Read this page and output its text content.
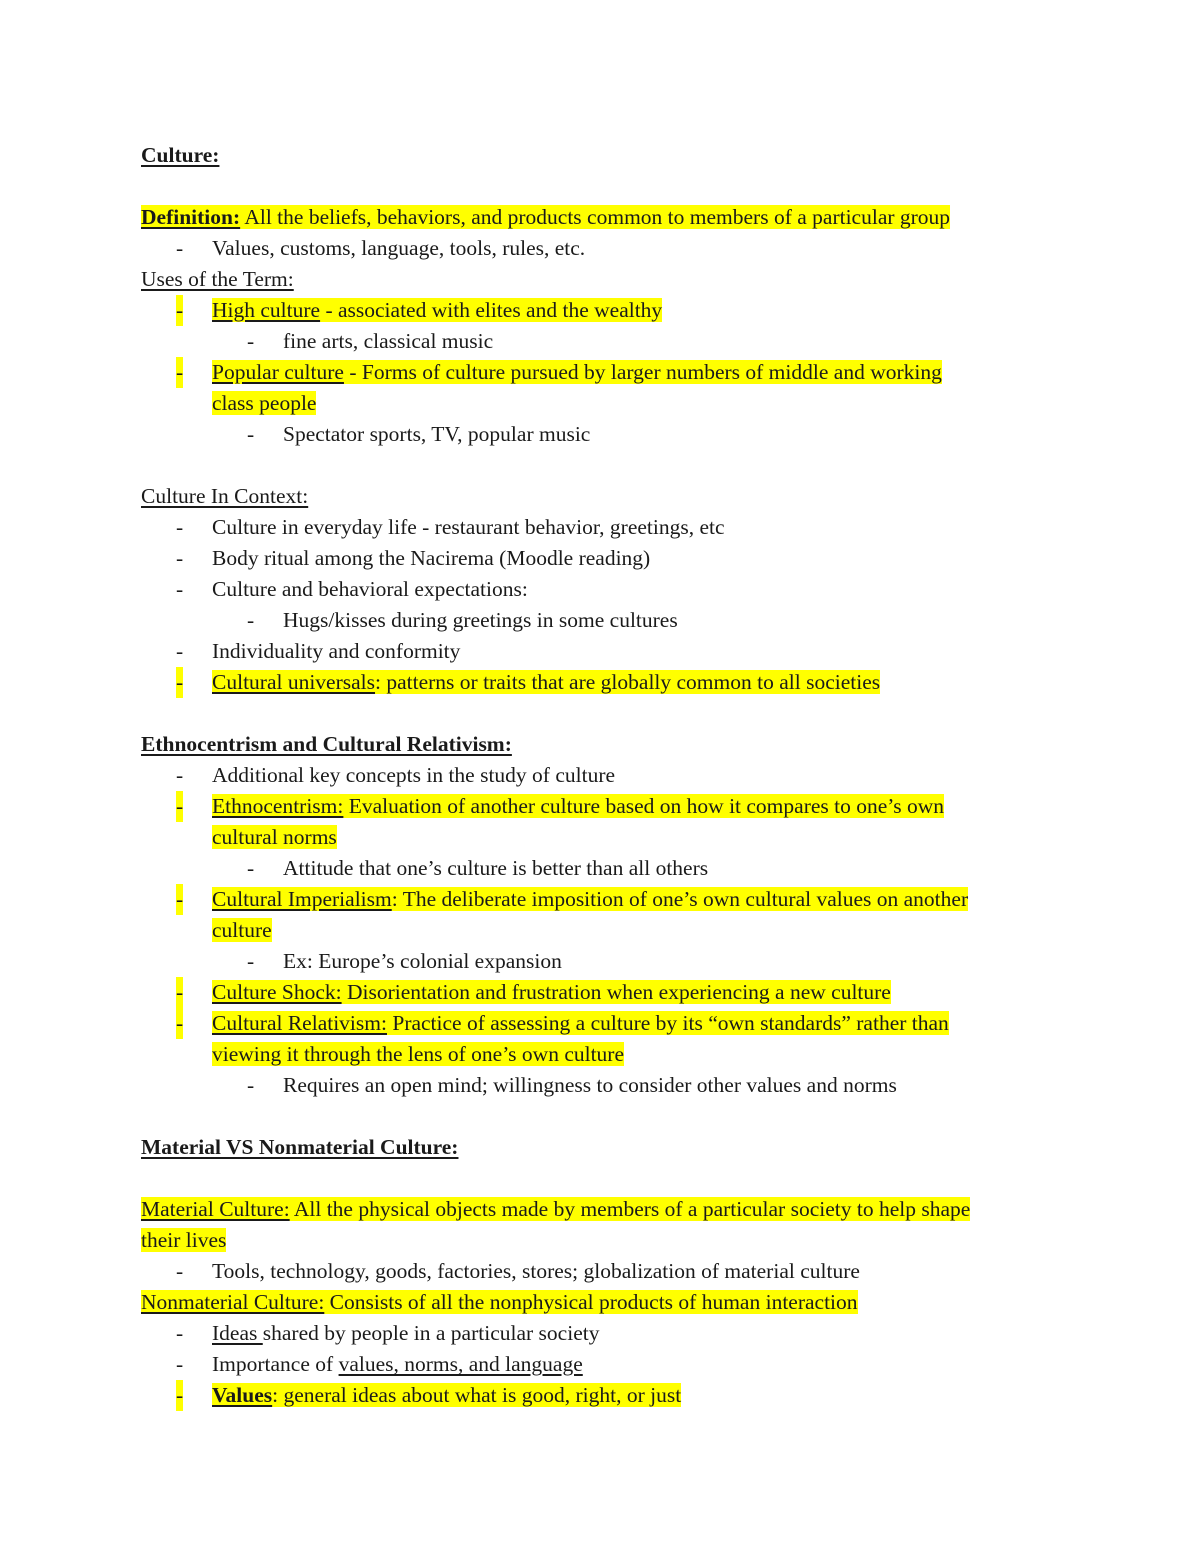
Culture:
Definition: All the beliefs, behaviors, and products common to members of a particular group
- Values, customs, language, tools, rules, etc.
Uses of the Term:
- High culture - associated with elites and the wealthy
- fine arts, classical music
- Popular culture - Forms of culture pursued by larger numbers of middle and working
class people
- Spectator sports, TV, popular music
Culture In Context:
- Culture in everyday life - restaurant behavior, greetings, etc
- Body ritual among the Nacirema (Moodle reading)
- Culture and behavioral expectations:
- Hugs/kisses during greetings in some cultures
- Individuality and conformity
- Cultural universals: patterns or traits that are globally common to all societies
Ethnocentrism and Cultural Relativism:
- Additional key concepts in the study of culture
- Ethnocentrism: Evaluation of another culture based on how it compares to one’s own
cultural norms
- Attitude that one’s culture is better than all others
- Cultural Imperialism: The deliberate imposition of one’s own cultural values on another
culture
- Ex: Europe’s colonial expansion
- Culture Shock: Disorientation and frustration when experiencing a new culture
- Cultural Relativism: Practice of assessing a culture by its “own standards” rather than
viewing it through the lens of one’s own culture
- Requires an open mind; willingness to consider other values and norms
Material VS Nonmaterial Culture:
Material Culture: All the physical objects made by members of a particular society to help shape
their lives
- Tools, technology, goods, factories, stores; globalization of material culture
Nonmaterial Culture: Consists of all the nonphysical products of human interaction
- Ideas shared by people in a particular society
- Importance of values, norms, and language
- Values: general ideas about what is good, right, or just
